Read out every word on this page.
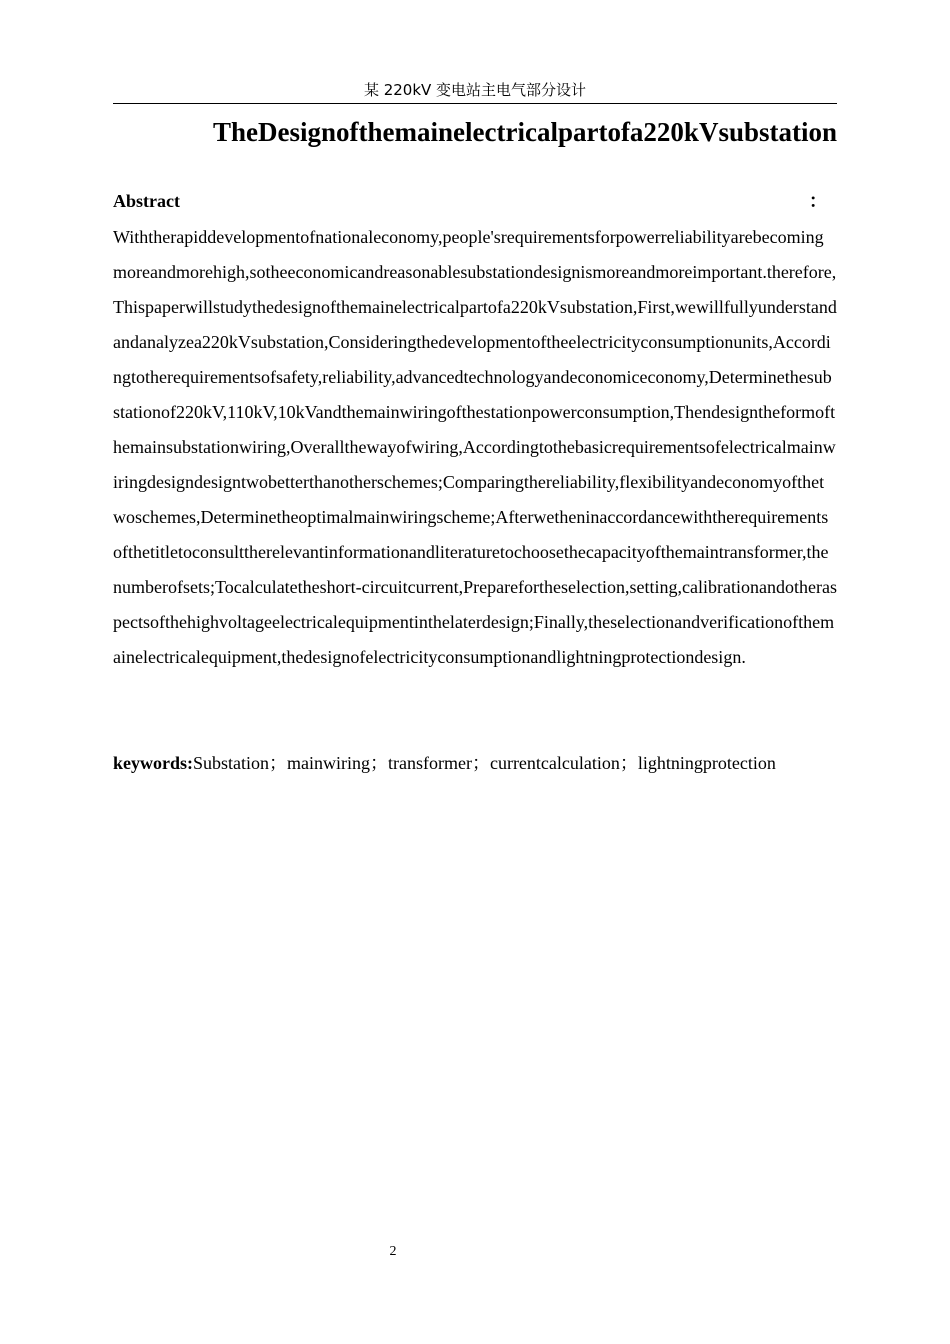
某 220kV 变电站主电气部分设计
TheDesignofthemainelectricalpartofa220kVsubstation
Abstract	：

Withtherapiddevelopmentofnationaleconomy,people'srequirementsforpowerreliabilityarebecomingmoreandmorehigh,sotheeconomicandreasonablesubstationdesignismoreandmoreimportant.therefore,Thispaperwillstudythedesignofthemainelectricalpartofa220kVsubstation,First,wewillfullyunderstandandanalyzea220kVsubstation,Consideringthedevelopmentoftheelectricityconsumptionunits,Accordingtotherequirementsofsafety,reliability,advancedtechnologyandeconomiceconomy,Determinethesubstationof220kV,110kV,10kVandthemainwiringofthestationpowerconsumption,Thendesigntheformofthemainsubstationwiring,Overallthewayofwiring,Accordingtothebasicrequirementsofelectricalmainwiringdesigndesigntwobetterthanotherschemes;Comparingthereliability,flexibilityandeconomyofthetwoschemes,Determinetheoptimalmainwiringscheme;Afterwetheninaccordancewiththerequirementsofthetitletoconsulttherelevantinformationandliteraturetochoosethecapacityofthemaintransformer,thenumberofsets;Tocalculatetheshort-circuitcurrent,Preparefortheselection,setting,calibrationandotheraspectsofthehighvoltageelectricalequipmentinthelaterdesign;Finally,theselectionandverificationofthemainelectricalequipment,thedesignofelectricityconsumptionandlightningprotectiondesign.

keywords:Substation；mainwiring；transformer；currentcalculation；lightningprotection
2
